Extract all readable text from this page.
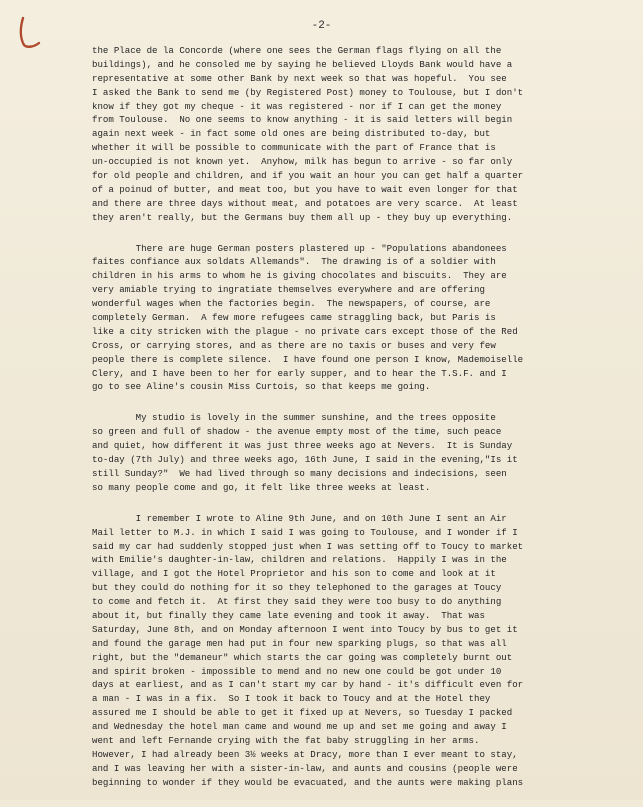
-2-
the Place de la Concorde (where one sees the German flags flying on all the
buildings), and he consoled me by saying he believed Lloyds Bank would have a
representative at some other Bank by next week so that was hopeful.  You see
I asked the Bank to send me (by Registered Post) money to Toulouse, but I don't
know if they got my cheque - it was registered - nor if I can get the money
from Toulouse.  No one seems to know anything - it is said letters will begin
again next week - in fact some old ones are being distributed to-day, but
whether it will be possible to communicate with the part of France that is
un-occupied is not known yet.  Anyhow, milk has begun to arrive - so far only
for old people and children, and if you wait an hour you can get half a quarter
of a poinud of butter, and meat too, but you have to wait even longer for that
and there are three days without meat, and potatoes are very scarce.  At least
they aren't really, but the Germans buy them all up - they buy up everything.
There are huge German posters plastered up - "Populations abandonees
faites confiance aux soldats Allemands".  The drawing is of a soldier with
children in his arms to whom he is giving chocolates and biscuits.  They are
very amiable trying to ingratiate themselves everywhere and are offering
wonderful wages when the factories begin.  The newspapers, of course, are
completely German.  A few more refugees came straggling back, but Paris is
like a city stricken with the plague - no private cars except those of the Red
Cross, or carrying stores, and as there are no taxis or buses and very few
people there is complete silence.  I have found one person I know, Mademoiselle
Clery, and I have been to her for early supper, and to hear the T.S.F. and I
go to see Aline's cousin Miss Curtois, so that keeps me going.
My studio is lovely in the summer sunshine, and the trees opposite
so green and full of shadow - the avenue empty most of the time, such peace
and quiet, how different it was just three weeks ago at Nevers.  It is Sunday
to-day (7th July) and three weeks ago, 16th June, I said in the evening,"Is it
still Sunday?"  We had lived through so many decisions and indecisions, seen
so many people come and go, it felt like three weeks at least.
I remember I wrote to Aline 9th June, and on 10th June I sent an Air
Mail letter to M.J. in which I said I was going to Toulouse, and I wonder if I
said my car had suddenly stopped just when I was setting off to Toucy to market
with Emilie's daughter-in-law, children and relations.  Happily I was in the
village, and I got the Hotel Proprietor and his son to come and look at it
but they could do nothing for it so they telephoned to the garages at Toucy
to come and fetch it.  At first they said they were too busy to do anything
about it, but finally they came late evening and took it away.  That was
Saturday, June 8th, and on Monday afternoon I went into Toucy by bus to get it
and found the garage men had put in four new sparking plugs, so that was all
right, but the "demaneur" which starts the car going was completely burnt out
and spirit broken - impossible to mend and no new one could be got under 10
days at earliest, and as I can't start my car by hand - it's difficult even for
a man - I was in a fix.  So I took it back to Toucy and at the Hotel they
assured me I should be able to get it fixed up at Nevers, so Tuesday I packed
and Wednesday the hotel man came and wound me up and set me going and away I
went and left Fernande crying with the fat baby struggling in her arms.
However, I had already been 3½ weeks at Dracy, more than I ever meant to stay,
and I was leaving her with a sister-in-law, and aunts and cousins (people were
beginning to wonder if they would be evacuated, and the aunts were making plans
